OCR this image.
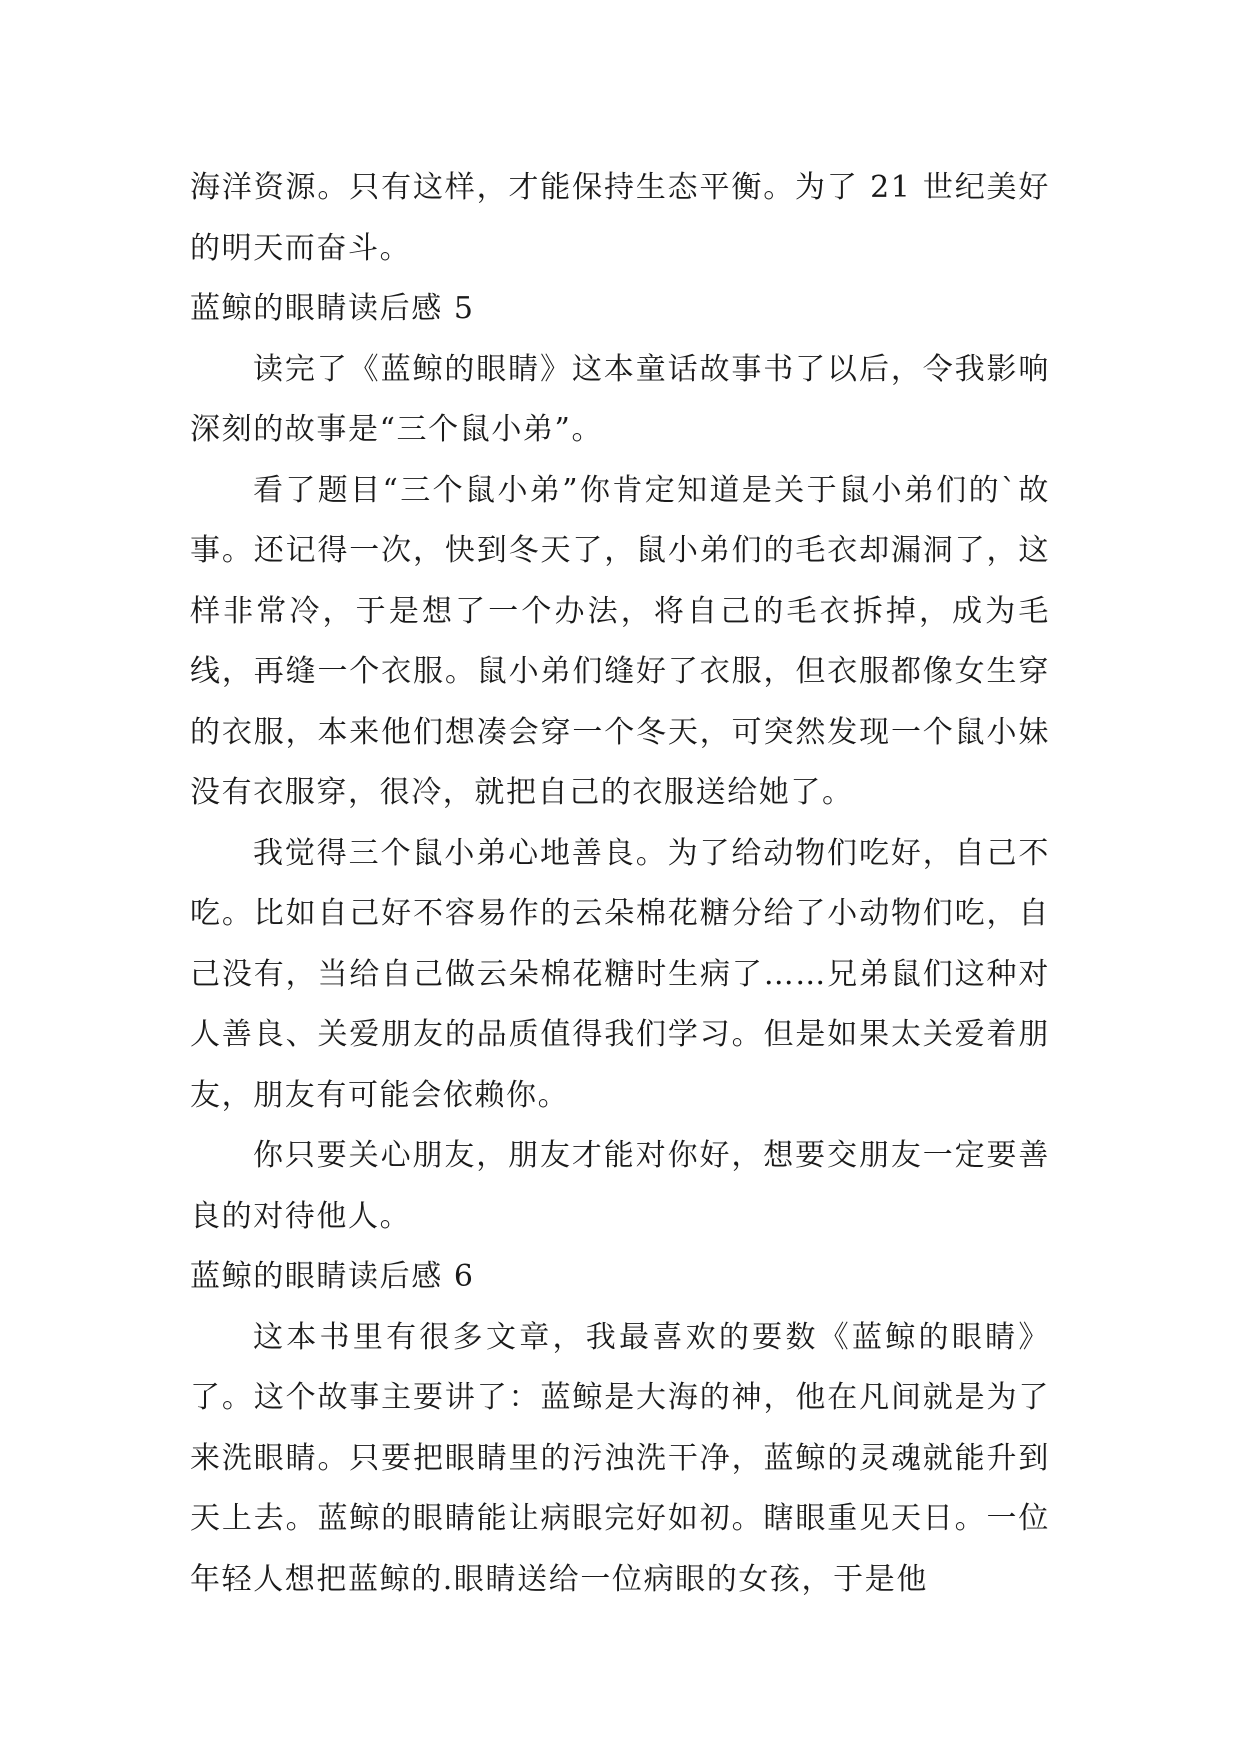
海洋资源。只有这样，才能保持生态平衡。为了 21 世纪美好的明天而奋斗。

蓝鲸的眼睛读后感 5

读完了《蓝鲸的眼睛》这本童话故事书了以后，令我影响深刻的故事是“三个鼠小弟”。

看了题目“三个鼠小弟”你肯定知道是关于鼠小弟们的`故事。还记得一次，快到冬天了，鼠小弟们的毛衣却漏洞了，这样非常冷，于是想了一个办法，将自己的毛衣拆掉，成为毛线，再缝一个衣服。鼠小弟们缝好了衣服，但衣服都像女生穿的衣服，本来他们想凑会穿一个冬天，可突然发现一个鼠小妹没有衣服穿，很冷，就把自己的衣服送给她了。

我觉得三个鼠小弟心地善良。为了给动物们吃好，自己不吃。比如自己好不容易作的云朵棉花糖分给了小动物们吃，自己没有，当给自己做云朵棉花糖时生病了……兄弟鼠们这种对人善良、关爱朋友的品质值得我们学习。但是如果太关爱着朋友，朋友有可能会依赖你。

你只要关心朋友，朋友才能对你好，想要交朋友一定要善良的对待他人。

蓝鲸的眼睛读后感 6

这本书里有很多文章，我最喜欢的要数《蓝鲸的眼睛》了。这个故事主要讲了：蓝鲸是大海的神，他在凡间就是为了来洗眼睛。只要把眼睛里的污浊洗干净，蓝鲸的灵魂就能升到天上去。蓝鲸的眼睛能让病眼完好如初。瞎眼重见天日。一位年轻人想把蓝鲸的.眼睛送给一位病眼的女孩，于是他
